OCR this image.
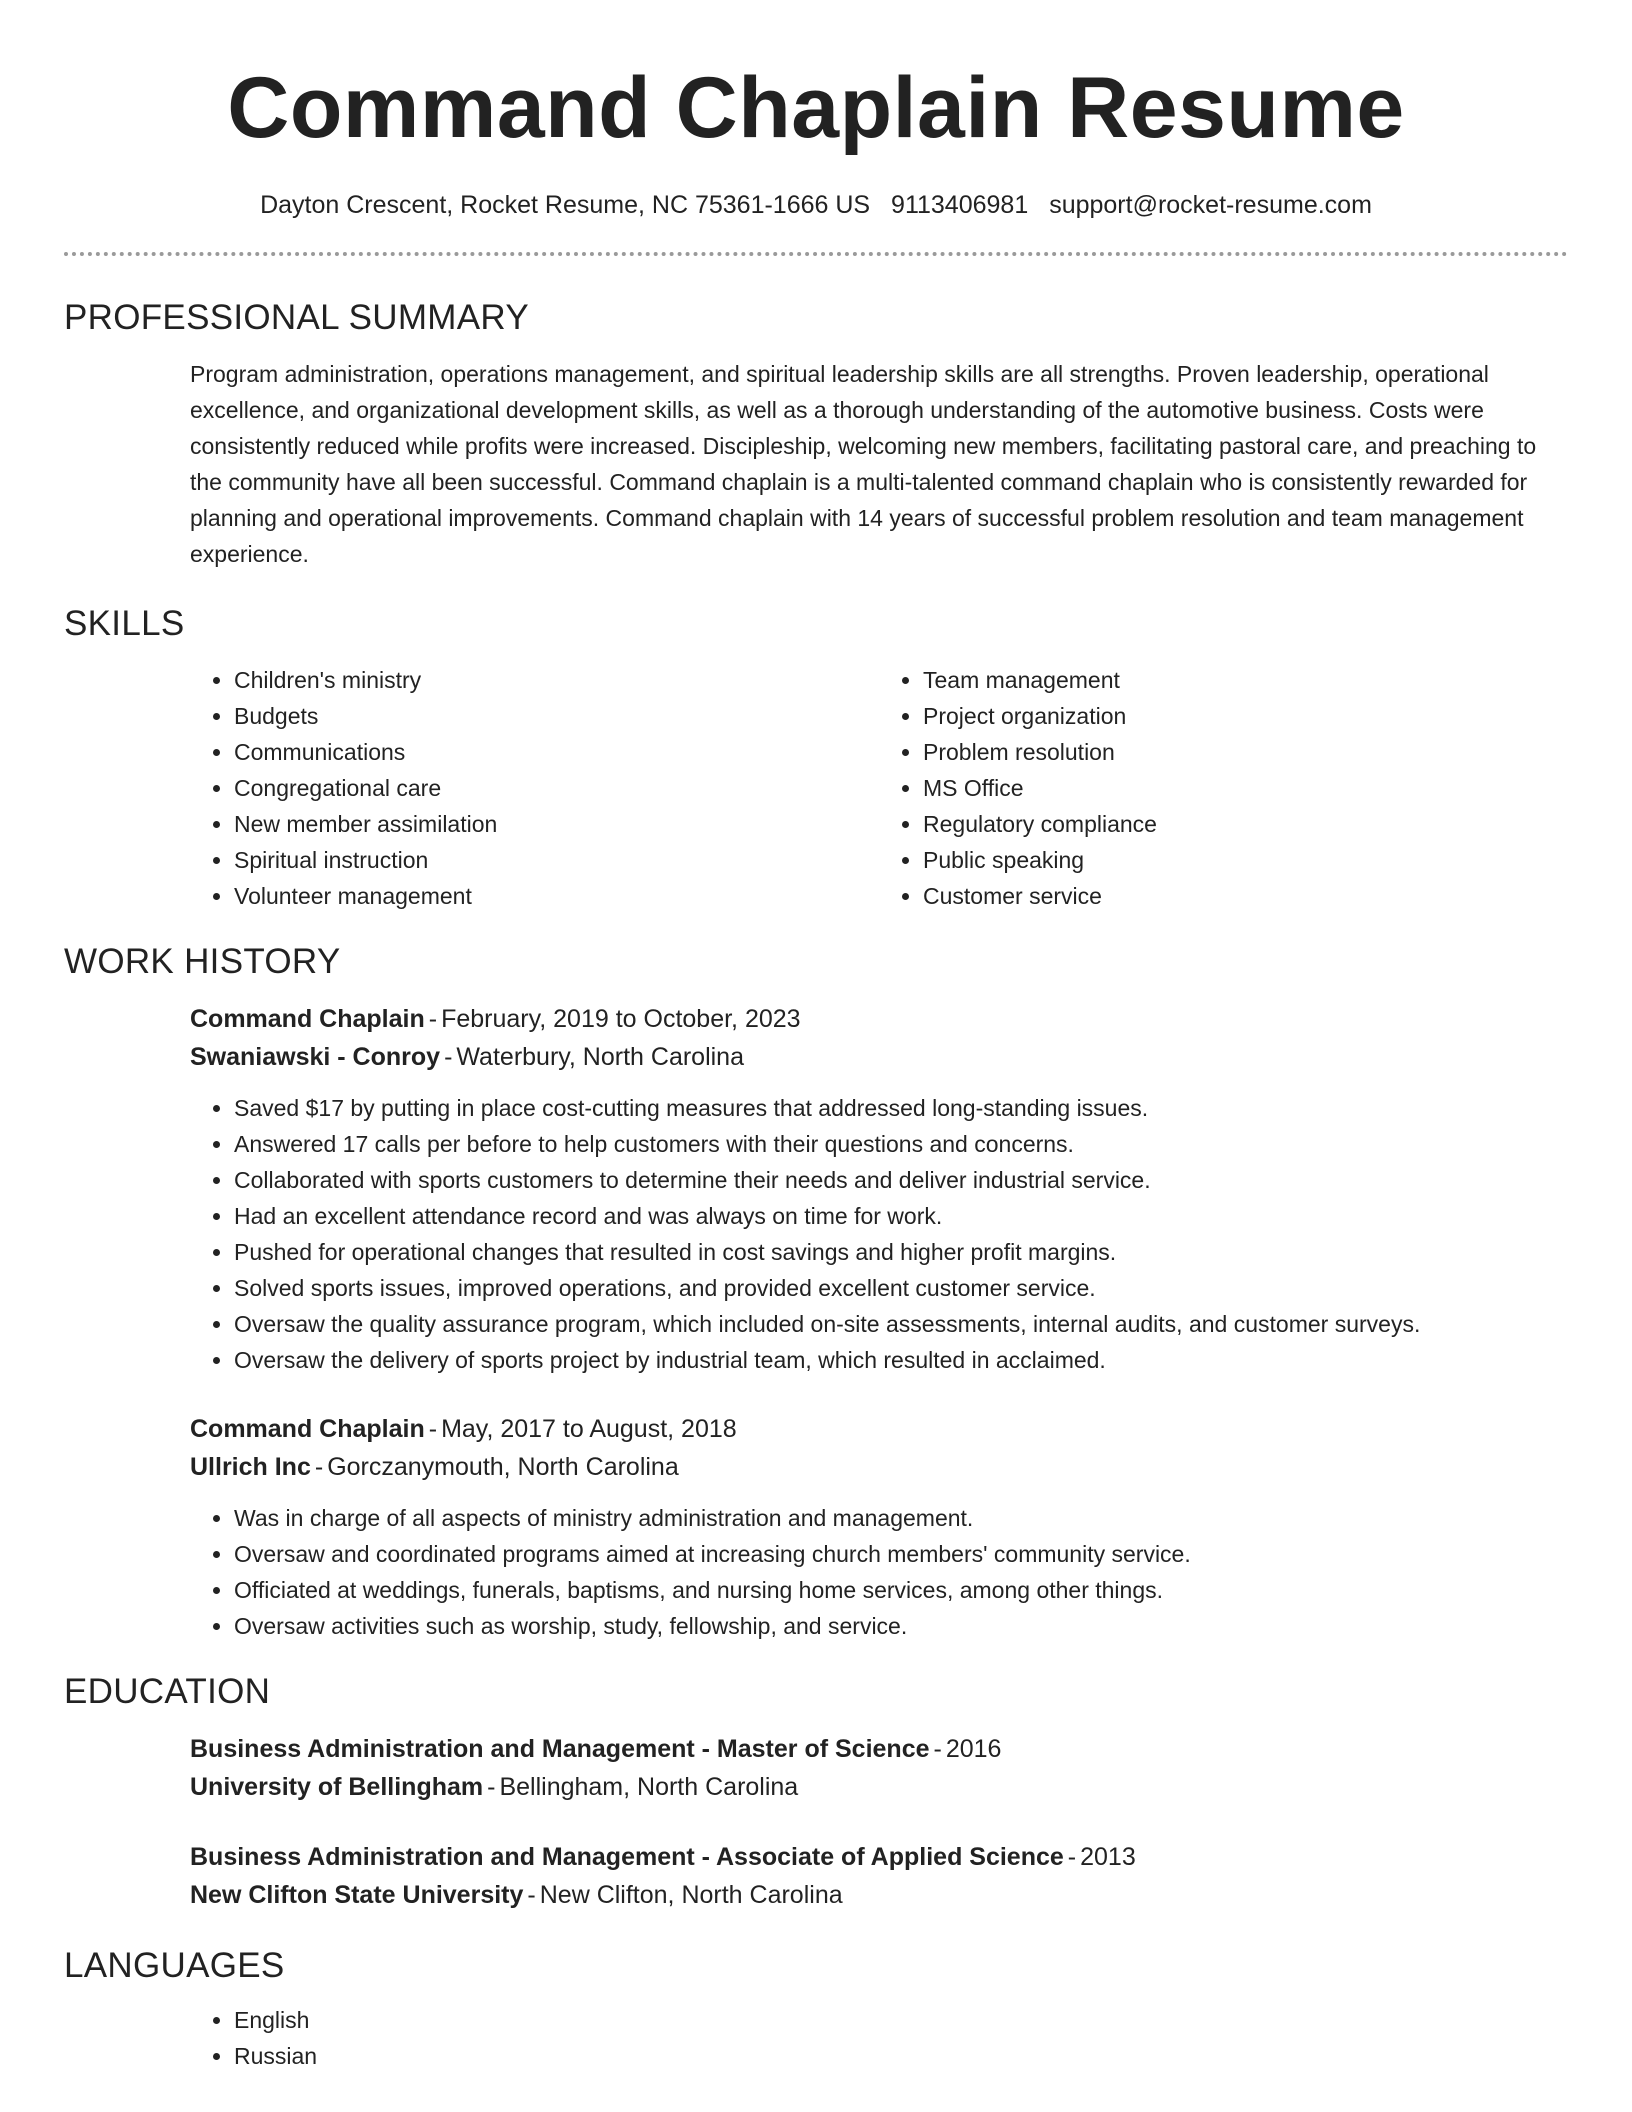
Command Chaplain Resume
Dayton Crescent, Rocket Resume, NC 75361-1666 US 9113406981 support@rocket-resume.com
PROFESSIONAL SUMMARY

Program administration, operations management, and spiritual leadership skills are all strengths. Proven leadership, operational excellence, and organizational development skills, as well as a thorough understanding of the automotive business. Costs were consistently reduced while profits were increased. Discipleship, welcoming new members, facilitating pastoral care, and preaching to the community have all been successful. Command chaplain is a multi-talented command chaplain who is consistently rewarded for planning and operational improvements. Command chaplain with 14 years of successful problem resolution and team management experience.

SKILLS
• Children's ministry
• Budgets
• Communications
• Congregational care
• New member assimilation
• Spiritual instruction
• Volunteer management
• Team management
• Project organization
• Problem resolution
• MS Office
• Regulatory compliance
• Public speaking
• Customer service
WORK HISTORY
Command Chaplain - February, 2019 to October, 2023
Swaniawski - Conroy - Waterbury, North Carolina
• Saved $17 by putting in place cost-cutting measures that addressed long-standing issues.
• Answered 17 calls per before to help customers with their questions and concerns.
• Collaborated with sports customers to determine their needs and deliver industrial service.
• Had an excellent attendance record and was always on time for work.
• Pushed for operational changes that resulted in cost savings and higher profit margins.
• Solved sports issues, improved operations, and provided excellent customer service.
• Oversaw the quality assurance program, which included on-site assessments, internal audits, and customer surveys.
• Oversaw the delivery of sports project by industrial team, which resulted in acclaimed.
Command Chaplain - May, 2017 to August, 2018
Ullrich Inc - Gorczanymouth, North Carolina
• Was in charge of all aspects of ministry administration and management.
• Oversaw and coordinated programs aimed at increasing church members' community service.
• Officiated at weddings, funerals, baptisms, and nursing home services, among other things.
• Oversaw activities such as worship, study, fellowship, and service.
EDUCATION
Business Administration and Management - Master of Science - 2016
University of Bellingham - Bellingham, North Carolina
Business Administration and Management - Associate of Applied Science - 2013
New Clifton State University - New Clifton, North Carolina
LANGUAGES
• English
• Russian
